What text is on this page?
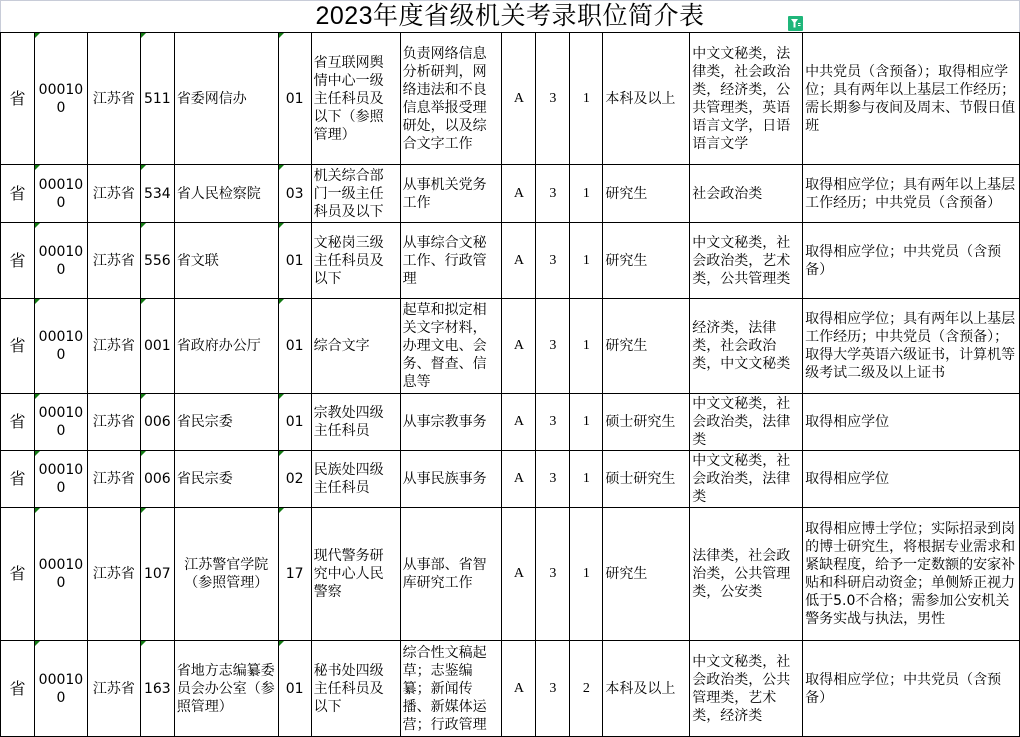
2023年度省级机关考录职位简介表
省	000100	江苏省	511	省委网信办	01	省互联网舆情中心一级主任科员及以下（参照管理）	负责网络信息分析研判，网络违法和不良信息举报受理研处，以及综合文字工作	A	3	1	本科及以上	中文文秘类，法律类，社会政治类，经济类，公共管理类，英语语言文学，日语语言文学	中共党员（含预备）；取得相应学位；具有两年以上基层工作经历；需长期参与夜间及周末、节假日值班
省	000100	江苏省	534	省人民检察院	03	机关综合部门一级主任科员及以下	从事机关党务工作	A	3	1	研究生	社会政治类	取得相应学位；具有两年以上基层工作经历；中共党员（含预备）
省	000100	江苏省	556	省文联	01	文秘岗三级主任科员及以下	从事综合文秘工作、行政管理	A	3	1	研究生	中文文秘类，社会政治类，艺术类，公共管理类	取得相应学位；中共党员（含预备）
省	000100	江苏省	001	省政府办公厅	01	综合文字	起草和拟定相关文字材料，办理文电、会务、督查、信息等	A	3	1	研究生	经济类，法律类，社会政治类，中文文秘类	取得相应学位；具有两年以上基层工作经历；中共党员（含预备）；取得大学英语六级证书，计算机等级考试二级及以上证书
省	000100	江苏省	006	省民宗委	01	宗教处四级主任科员	从事宗教事务	A	3	1	硕士研究生	中文文秘类，社会政治类，法律类	取得相应学位
省	000100	江苏省	006	省民宗委	02	民族处四级主任科员	从事民族事务	A	3	1	硕士研究生	中文文秘类，社会政治类，法律类	取得相应学位
省	000100	江苏省	107	江苏警官学院（参照管理）	17	现代警务研究中心人民警察	从事部、省智库研究工作	A	3	1	研究生	法律类，社会政治类，公共管理类，公安类	取得相应博士学位；实际招录到岗的博士研究生，将根据专业需求和紧缺程度，给予一定数额的安家补贴和科研启动资金；单侧矫正视力低于5.0不合格；需参加公安机关警务实战与执法，男性
省	000100	江苏省	163	省地方志编纂委员会办公室（参照管理）	01	秘书处四级主任科员及以下	综合性文稿起草；志鉴编纂；新闻传播、新媒体运营；行政管理	A	3	2	本科及以上	中文文秘类，社会政治类，公共管理类，艺术类，经济类	取得相应学位；中共党员（含预备）
